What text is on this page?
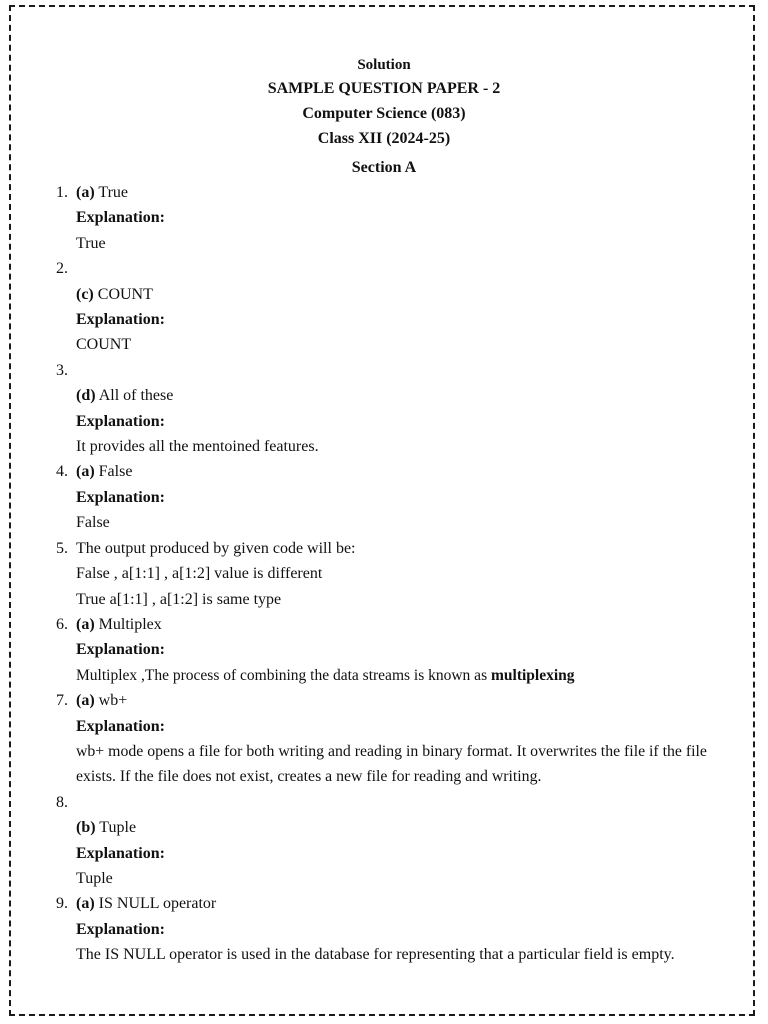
Solution
SAMPLE QUESTION PAPER - 2
Computer Science (083)
Class XII (2024-25)
Section A
1. (a) True
Explanation:
True
2.
(c) COUNT
Explanation:
COUNT
3.
(d) All of these
Explanation:
It provides all the mentoined features.
4. (a) False
Explanation:
False
5. The output produced by given code will be:
False , a[1:1] , a[1:2] value is different
True a[1:1] , a[1:2] is same type
6. (a) Multiplex
Explanation:
Multiplex ,The process of combining the data streams is known as multiplexing
7. (a) wb+
Explanation:
wb+ mode opens a file for both writing and reading in binary format. It overwrites the file if the file exists. If the file does not exist, creates a new file for reading and writing.
8.
(b) Tuple
Explanation:
Tuple
9. (a) IS NULL operator
Explanation:
The IS NULL operator is used in the database for representing that a particular field is empty.
